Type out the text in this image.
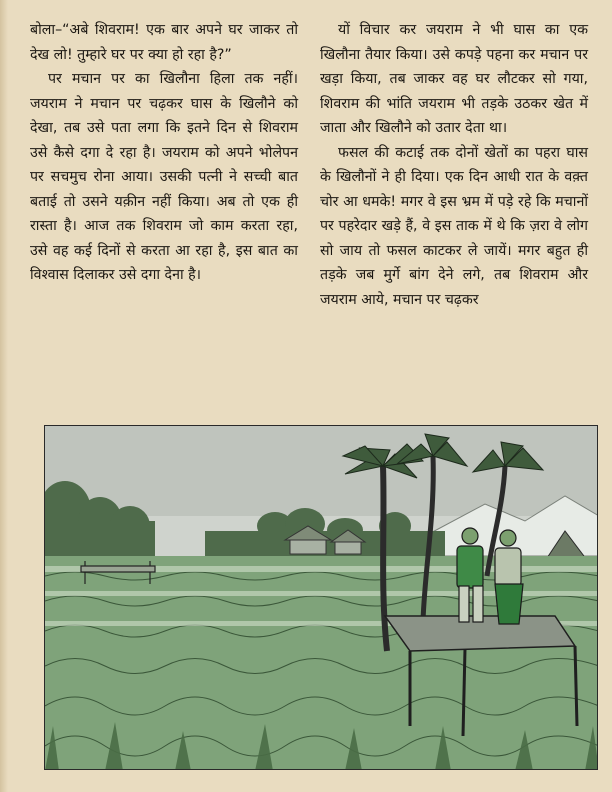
बोला–“अबे शिवराम! एक बार अपने घर जाकर तो देख लो! तुम्हारे घर पर क्या हो रहा है?”

पर मचान पर का खिलौना हिला तक नहीं। जयराम ने मचान पर चढ़कर घास के खिलौने को देखा, तब उसे पता लगा कि इतने दिन से शिवराम उसे कैसे दगा दे रहा है। जयराम को अपने भोलेपन पर सचमुच रोना आया। उसकी पत्नी ने सच्ची बात बताई तो उसने यक़ीन नहीं किया। अब तो एक ही रास्ता है। आज तक शिवराम जो काम करता रहा, उसे वह कई दिनों से करता आ रहा है, इस बात का विश्वास दिलाकर उसे दगा देना है।

यों विचार कर जयराम ने भी घास का एक खिलौना तैयार किया। उसे कपड़े पहना कर मचान पर खड़ा किया, तब जाकर वह घर लौटकर सो गया, शिवराम की भांति जयराम भी तड़के उठकर खेत में जाता और खिलौने को उतार देता था।

फसल की कटाई तक दोनों खेतों का पहरा घास के खिलौनों ने ही दिया। एक दिन आधी रात के वक़्त चोर आ धमके! मगर वे इस भ्रम में पड़े रहे कि मचानों पर पहरेदार खड़े हैं, वे इस ताक में थे कि ज़रा वे लोग सो जाय तो फसल काटकर ले जायें। मगर बहुत ही तड़के जब मुर्गे बांग देने लगे, तब शिवराम और जयराम आये, मचान पर चढ़कर
